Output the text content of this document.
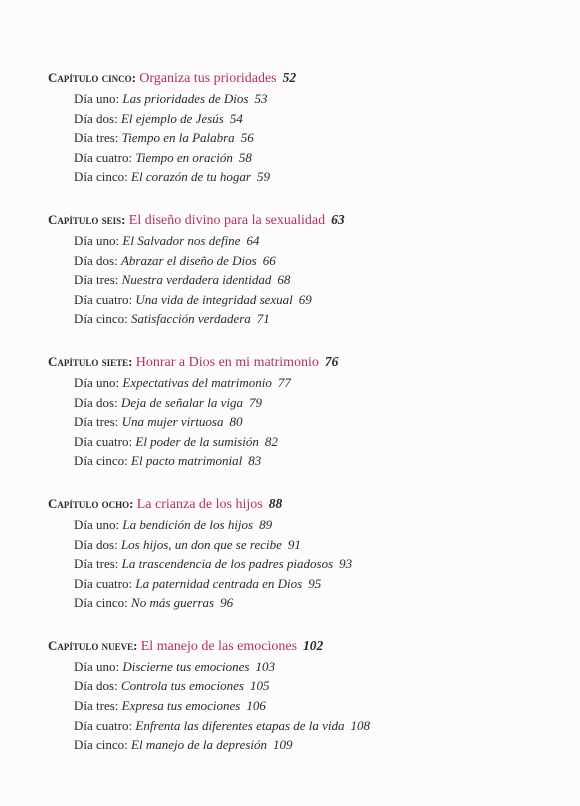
Capítulo cinco: Organiza tus prioridades 52
Día uno: Las prioridades de Dios 53
Día dos: El ejemplo de Jesús 54
Día tres: Tiempo en la Palabra 56
Día cuatro: Tiempo en oración 58
Día cinco: El corazón de tu hogar 59
Capítulo seis: El diseño divino para la sexualidad 63
Día uno: El Salvador nos define 64
Día dos: Abrazar el diseño de Dios 66
Día tres: Nuestra verdadera identidad 68
Día cuatro: Una vida de integridad sexual 69
Día cinco: Satisfacción verdadera 71
Capítulo siete: Honrar a Dios en mi matrimonio 76
Día uno: Expectativas del matrimonio 77
Día dos: Deja de señalar la viga 79
Día tres: Una mujer virtuosa 80
Día cuatro: El poder de la sumisión 82
Día cinco: El pacto matrimonial 83
Capítulo ocho: La crianza de los hijos 88
Día uno: La bendición de los hijos 89
Día dos: Los hijos, un don que se recibe 91
Día tres: La trascendencia de los padres piadosos 93
Día cuatro: La paternidad centrada en Dios 95
Día cinco: No más guerras 96
Capítulo nueve: El manejo de las emociones 102
Día uno: Discierne tus emociones 103
Día dos: Controla tus emociones 105
Día tres: Expresa tus emociones 106
Día cuatro: Enfrenta las diferentes etapas de la vida 108
Día cinco: El manejo de la depresión 109
